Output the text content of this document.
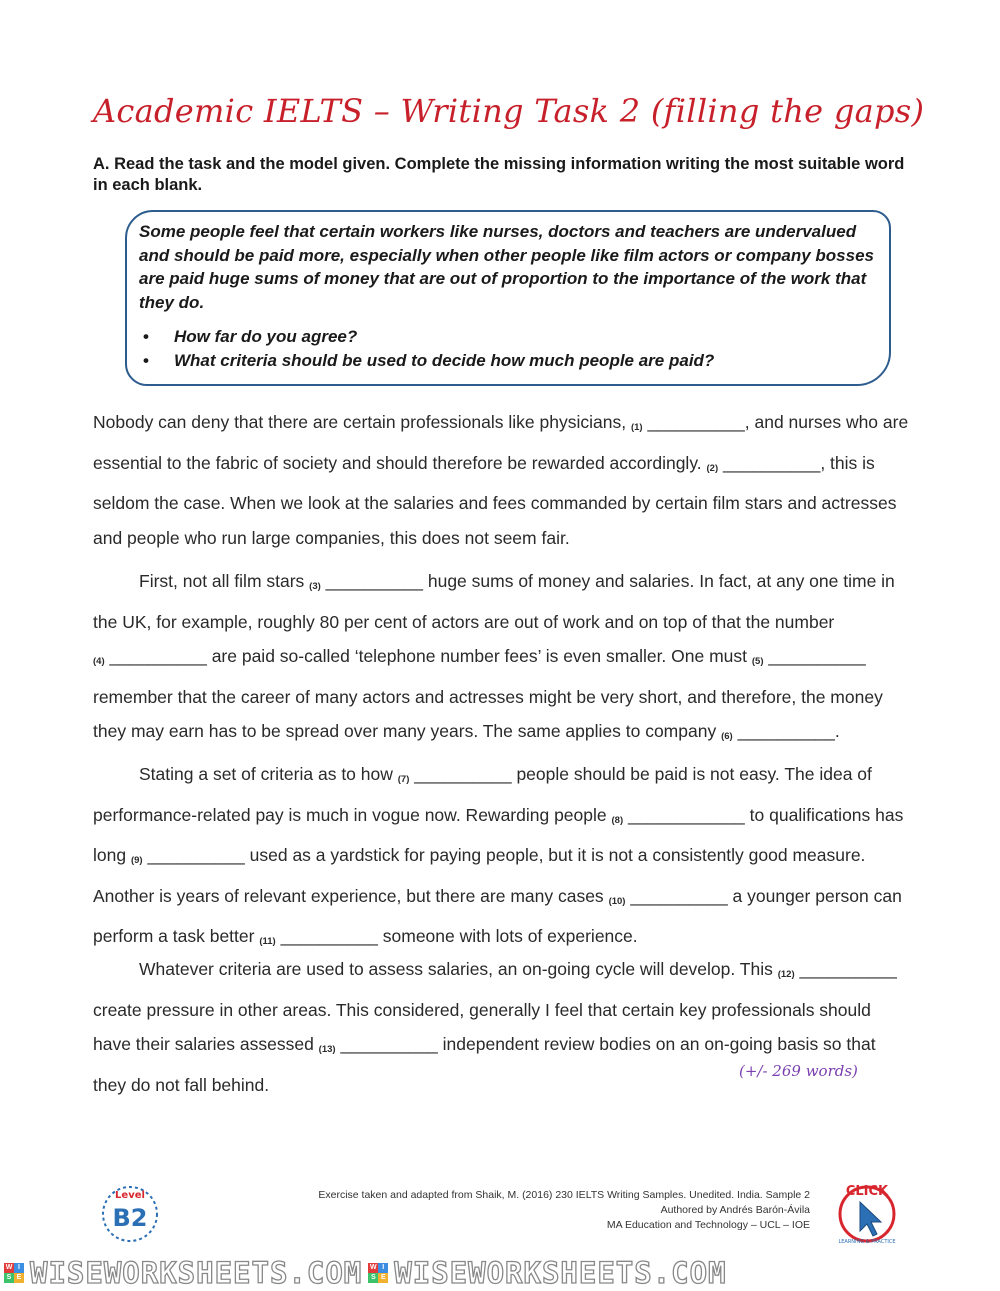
Academic IELTS – Writing Task 2 (filling the gaps)
A. Read the task and the model given. Complete the missing information writing the most suitable word in each blank.
Some people feel that certain workers like nurses, doctors and teachers are undervalued and should be paid more, especially when other people like film actors or company bosses are paid huge sums of money that are out of proportion to the importance of the work that they do.
•	How far do you agree?
•	What criteria should be used to decide how much people are paid?
Nobody can deny that there are certain professionals like physicians, (1) __________, and nurses who are essential to the fabric of society and should therefore be rewarded accordingly. (2) __________, this is seldom the case. When we look at the salaries and fees commanded by certain film stars and actresses and people who run large companies, this does not seem fair.
First, not all film stars (3) __________ huge sums of money and salaries. In fact, at any one time in the UK, for example, roughly 80 per cent of actors are out of work and on top of that the number (4) __________ are paid so-called ‘telephone number fees’ is even smaller. One must (5) __________ remember that the career of many actors and actresses might be very short, and therefore, the money they may earn has to be spread over many years. The same applies to company (6) __________.
Stating a set of criteria as to how (7) __________ people should be paid is not easy. The idea of performance-related pay is much in vogue now. Rewarding people (8) ____________ to qualifications has long (9) __________ used as a yardstick for paying people, but it is not a consistently good measure. Another is years of relevant experience, but there are many cases (10) __________ a younger person can perform a task better (11) __________ someone with lots of experience.
Whatever criteria are used to assess salaries, an on-going cycle will develop. This (12) __________ create pressure in other areas. This considered, generally I feel that certain key professionals should have their salaries assessed (13) __________ independent review bodies on an on-going basis so that they do not fall behind.
(+/- 269 words)
Level
B2
Exercise taken and adapted from Shaik, M. (2016) 230 IELTS Writing Samples. Unedited. India. Sample 2
Authored by Andrés Barón-Ávila
MA Education and Technology – UCL – IOE
CLICK
LEARNING & PRACTICE
W I
S E WISEWORKSHEETS.COM W I
S E WISEWORKSHEETS.COM
